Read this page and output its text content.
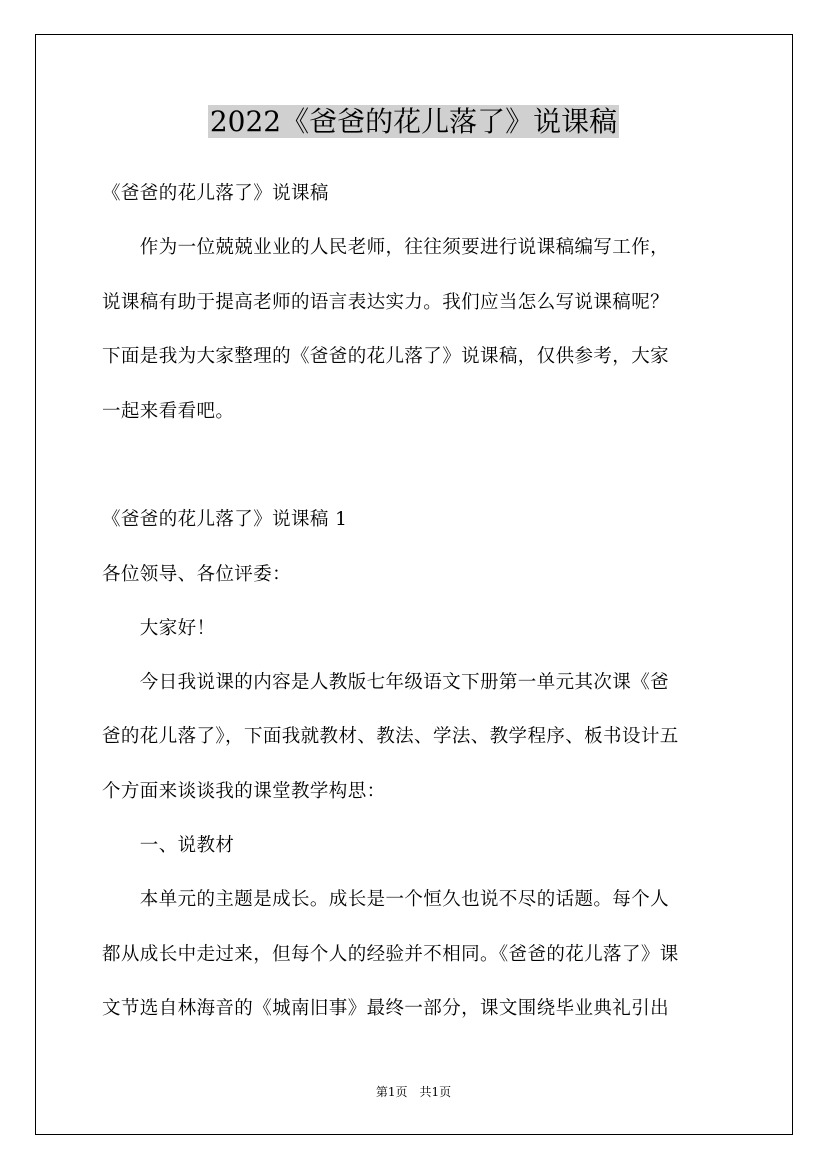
2022《爸爸的花儿落了》说课稿
《爸爸的花儿落了》说课稿
　　作为一位兢兢业业的人民老师，往往须要进行说课稿编写工作，
说课稿有助于提高老师的语言表达实力。我们应当怎么写说课稿呢？
下面是我为大家整理的《爸爸的花儿落了》说课稿，仅供参考，大家
一起来看看吧。
《爸爸的花儿落了》说课稿 1
各位领导、各位评委：
　　大家好！
　　今日我说课的内容是人教版七年级语文下册第一单元其次课《爸
爸的花儿落了》，下面我就教材、教法、学法、教学程序、板书设计五
个方面来谈谈我的课堂教学构思：
　　一、说教材
　　本单元的主题是成长。成长是一个恒久也说不尽的话题。每个人
都从成长中走过来，但每个人的经验并不相同。《爸爸的花儿落了》课
文节选自林海音的《城南旧事》最终一部分，课文围绕毕业典礼引出
第1页　共1页
